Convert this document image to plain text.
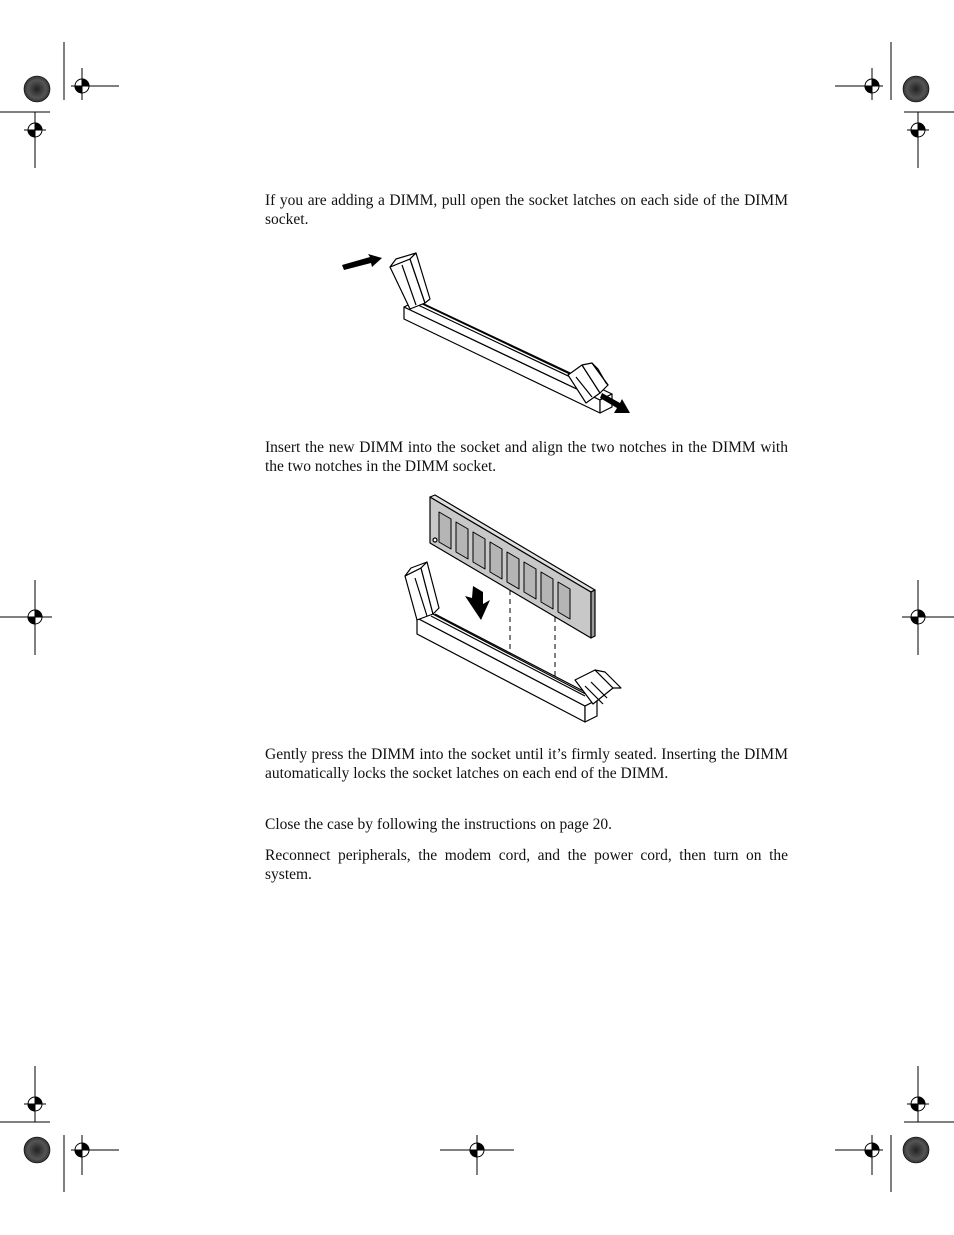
If you are adding a DIMM, pull open the socket latches on each side of the DIMM socket.

Insert the new DIMM into the socket and align the two notches in the DIMM with the two notches in the DIMM socket.

Gently press the DIMM into the socket until it’s firmly seated. Inserting the DIMM automatically locks the socket latches on each end of the DIMM.

Close the case by following the instructions on page 20.

Reconnect peripherals, the modem cord, and the power cord, then turn on the system.
